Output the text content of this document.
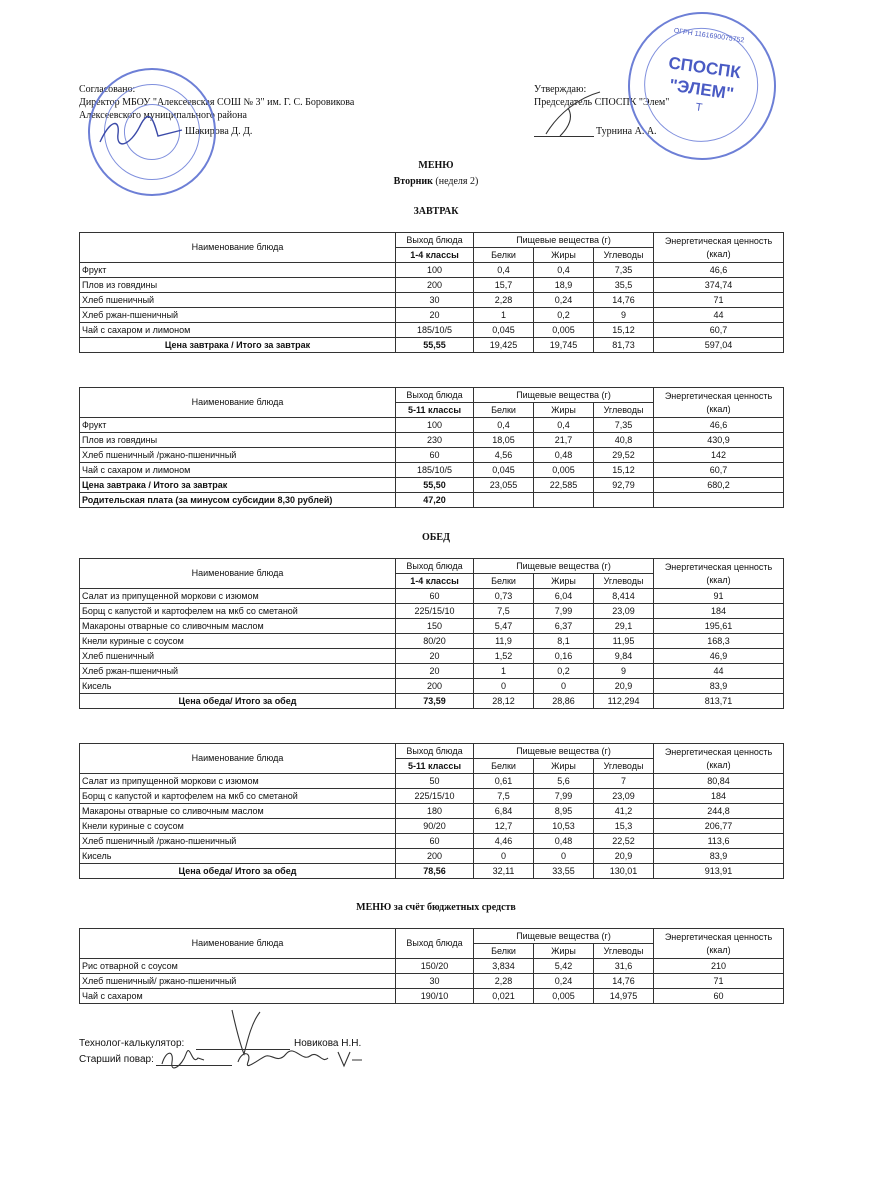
Согласовано:
Директор МБОУ "Алексеевская СОШ № 3" им. Г. С. Боровикова
Алексеевского муниципального района
Шакирова Д. Д.
Утверждаю:
Председатель СПОСПК "Элем"
Турнина А. А.
СПОСПК
"ЭЛЕМ"
Т
ОГРН 1161690075752
МЕНЮ
Вторник (неделя 2)
ЗАВТРАК
Наименование блюда	Выход блюда	Пищевые вещества (г)			Энергетическая ценность (ккал)
	1-4 классы	Белки	Жиры	Углеводы	
Фрукт	100	0,4	0,4	7,35	46,6
Плов из говядины	200	15,7	18,9	35,5	374,74
Хлеб пшеничный	30	2,28	0,24	14,76	71
Хлеб ржан-пшеничный	20	1	0,2	9	44
Чай с сахаром и лимоном	185/10/5	0,045	0,005	15,12	60,7
Цена завтрака / Итого за завтрак	55,55	19,425	19,745	81,73	597,04
Наименование блюда	Выход блюда	Пищевые вещества (г)			Энергетическая ценность (ккал)
	5-11 классы	Белки	Жиры	Углеводы	
Фрукт	100	0,4	0,4	7,35	46,6
Плов из говядины	230	18,05	21,7	40,8	430,9
Хлеб пшеничный /ржано-пшеничный	60	4,56	0,48	29,52	142
Чай с сахаром и лимоном	185/10/5	0,045	0,005	15,12	60,7
Цена завтрака / Итого за завтрак	55,50	23,055	22,585	92,79	680,2
Родительская плата (за минусом субсидии 8,30 рублей)	47,20				
ОБЕД
Наименование блюда	Выход блюда	Пищевые вещества (г)			Энергетическая ценность (ккал)
	1-4 классы	Белки	Жиры	Углеводы	
Салат из припущенной моркови с изюмом	60	0,73	6,04	8,414	91
Борщ с капустой и картофелем на мкб со сметаной	225/15/10	7,5	7,99	23,09	184
Макароны отварные со сливочным маслом	150	5,47	6,37	29,1	195,61
Кнели куриные с соусом	80/20	11,9	8,1	11,95	168,3
Хлеб пшеничный	20	1,52	0,16	9,84	46,9
Хлеб ржан-пшеничный	20	1	0,2	9	44
Кисель	200	0	0	20,9	83,9
Цена обеда/ Итого за обед	73,59	28,12	28,86	112,294	813,71
Наименование блюда	Выход блюда	Пищевые вещества (г)			Энергетическая ценность (ккал)
	5-11 классы	Белки	Жиры	Углеводы	
Салат из припущенной моркови с изюмом	50	0,61	5,6	7	80,84
Борщ с капустой и картофелем на мкб со сметаной	225/15/10	7,5	7,99	23,09	184
Макароны отварные со сливочным маслом	180	6,84	8,95	41,2	244,8
Кнели куриные с соусом	90/20	12,7	10,53	15,3	206,77
Хлеб пшеничный /ржано-пшеничный	60	4,46	0,48	22,52	113,6
Кисель	200	0	0	20,9	83,9
Цена обеда/ Итого за обед	78,56	32,11	33,55	130,01	913,91
МЕНЮ за счёт бюджетных средств
Наименование блюда	Выход блюда	Пищевые вещества (г)			Энергетическая ценность (ккал)
		Белки	Жиры	Углеводы	
Рис отварной с соусом	150/20	3,834	5,42	31,6	210
Хлеб пшеничный/ ржано-пшеничный	30	2,28	0,24	14,76	71
Чай с сахаром	190/10	0,021	0,005	14,975	60
Технолог-калькулятор:	Новикова Н.Н.
Старший повар:
